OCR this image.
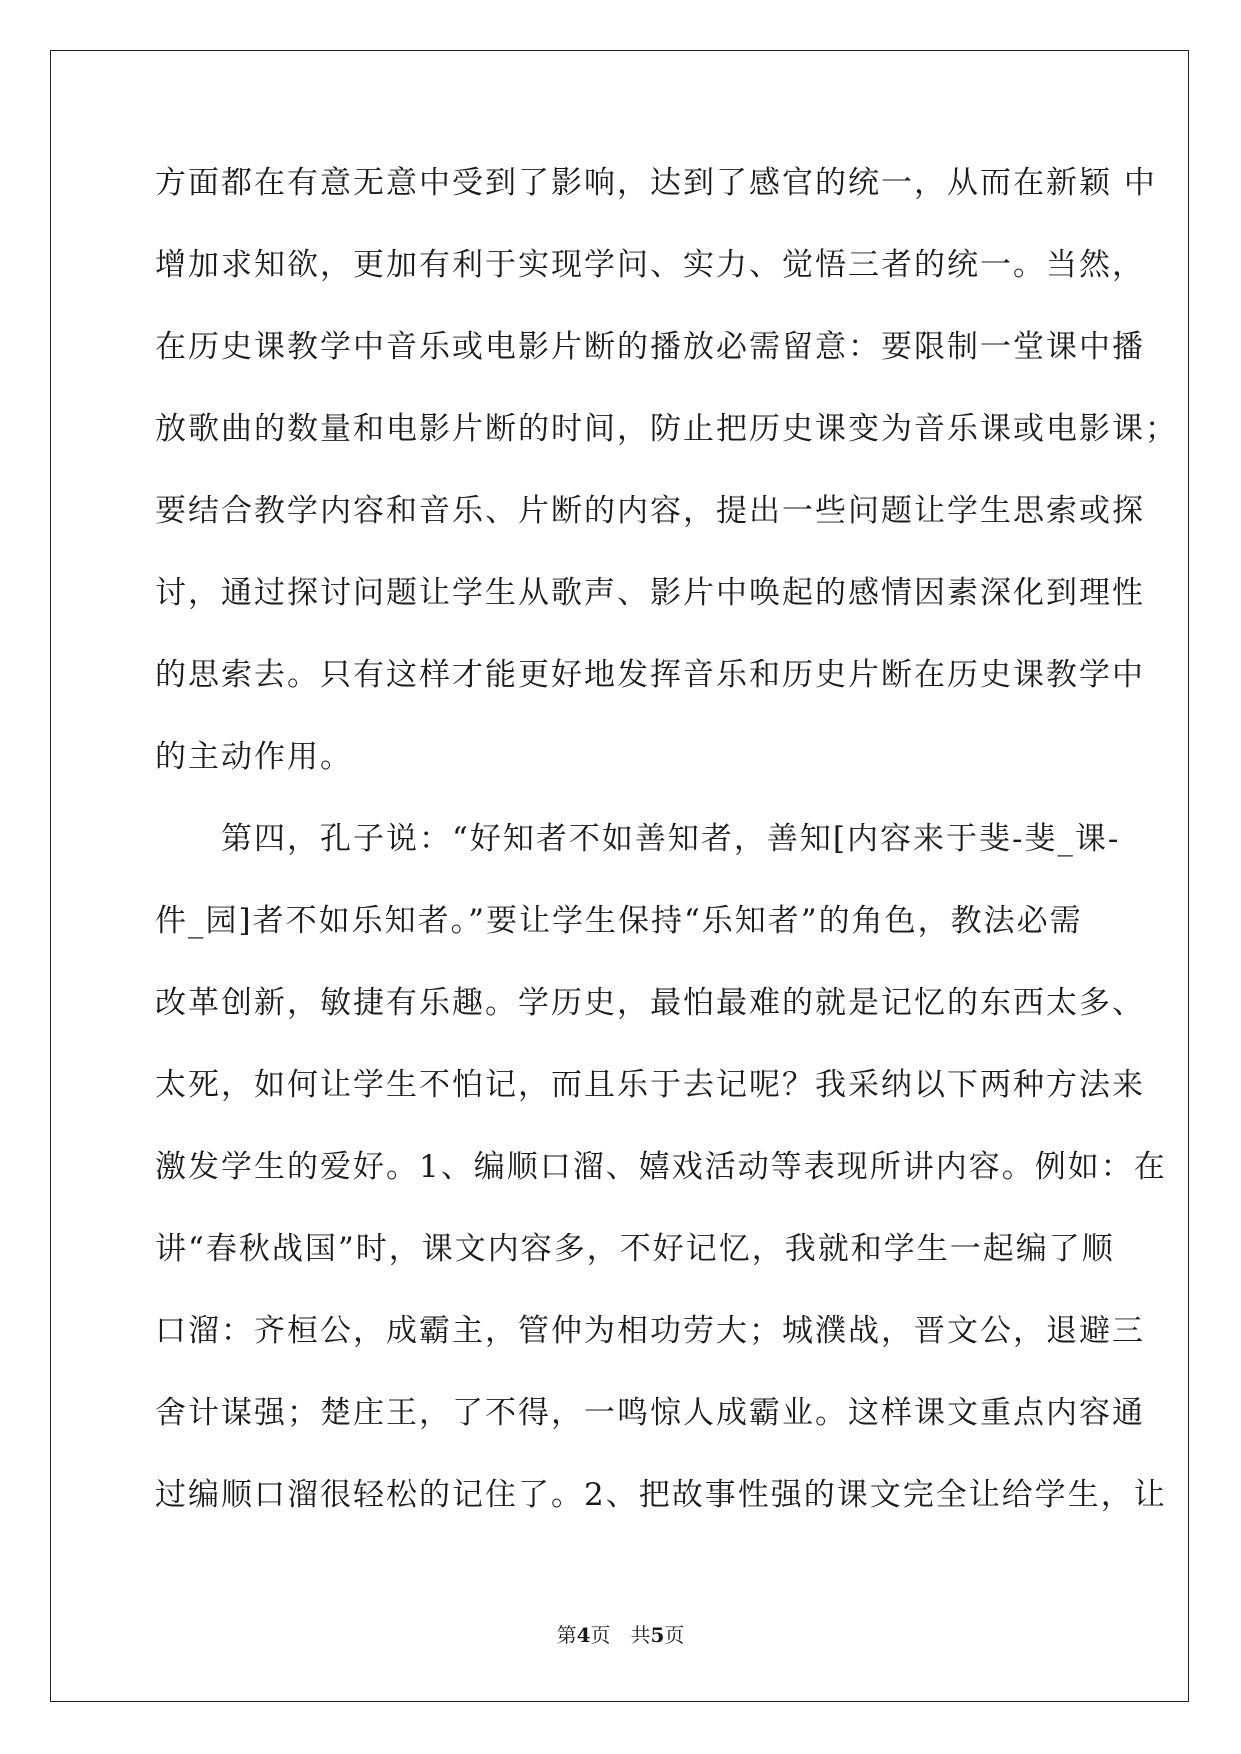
方面都在有意无意中受到了影响，达到了感官的统一，从而在新颖 中
增加求知欲，更加有利于实现学问、实力、觉悟三者的统一。当然，
在历史课教学中音乐或电影片断的播放必需留意：要限制一堂课中播
放歌曲的数量和电影片断的时间，防止把历史课变为音乐课或电影课；
要结合教学内容和音乐、片断的内容，提出一些问题让学生思索或探
讨，通过探讨问题让学生从歌声、影片中唤起的感情因素深化到理性
的思索去。只有这样才能更好地发挥音乐和历史片断在历史课教学中
的主动作用。
　　第四，孔子说：“好知者不如善知者，善知[内容来于斐-斐_课-
件_园]者不如乐知者。”要让学生保持“乐知者”的角色，教法必需
改革创新，敏捷有乐趣。学历史，最怕最难的就是记忆的东西太多、
太死，如何让学生不怕记，而且乐于去记呢？我采纳以下两种方法来
激发学生的爱好。1、编顺口溜、嬉戏活动等表现所讲内容。例如：在
讲“春秋战国”时，课文内容多，不好记忆，我就和学生一起编了顺
口溜：齐桓公，成霸主，管仲为相功劳大；城濮战，晋文公，退避三
舍计谋强；楚庄王，了不得，一鸣惊人成霸业。这样课文重点内容通
过编顺口溜很轻松的记住了。2、把故事性强的课文完全让给学生，让
第4页　共5页
